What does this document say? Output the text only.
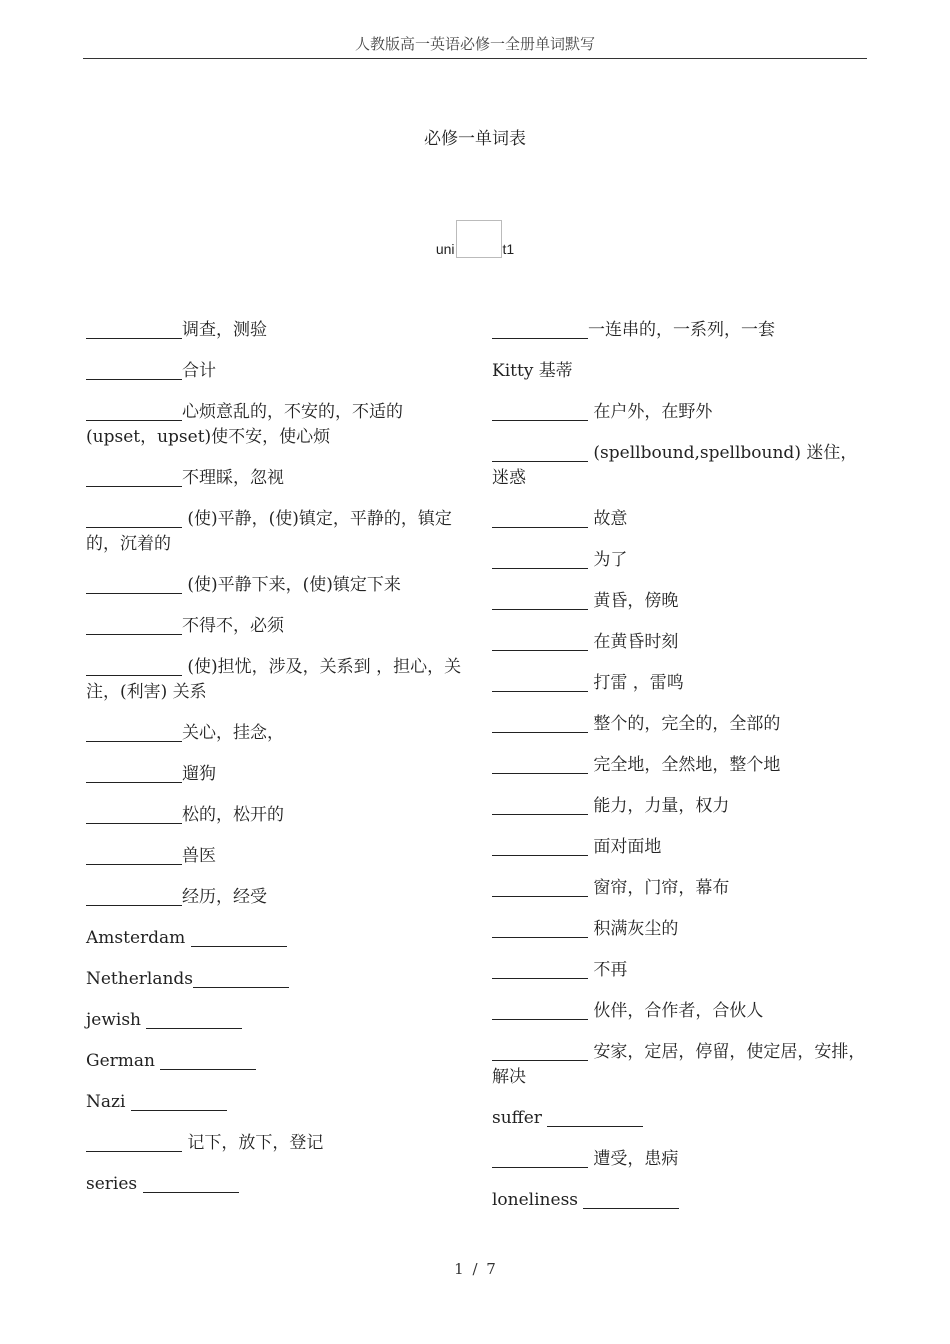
人教版高一英语必修一全册单词默写
必修一单词表
uni	t1
调查，测验
合计
心烦意乱的，不安的，不适的(upset，upset)使不安，使心烦
不理睬，忽视
(使)平静，(使)镇定，平静的，镇定的，沉着的
(使)平静下来，(使)镇定下来
不得不，必须
(使)担忧，涉及，关系到 ，担心，关注，(利害) 关系
关心，挂念，
遛狗
松的，松开的
兽医
经历，经受
Amsterdam
Netherlands
jewish
German
Nazi
记下，放下，登记
series
一连串的，一系列，一套
Kitty 基蒂
在户外，在野外
(spellbound,spellbound) 迷住，迷惑
故意
为了
黄昏，傍晚
在黄昏时刻
打雷 ，雷鸣
整个的，完全的，全部的
完全地，全然地，整个地
能力，力量，权力
面对面地
窗帘，门帘，幕布
积满灰尘的
不再
伙伴，合作者，合伙人
安家，定居，停留，使定居，安排，解决
suffer
遭受，患病
loneliness
1 / 7
